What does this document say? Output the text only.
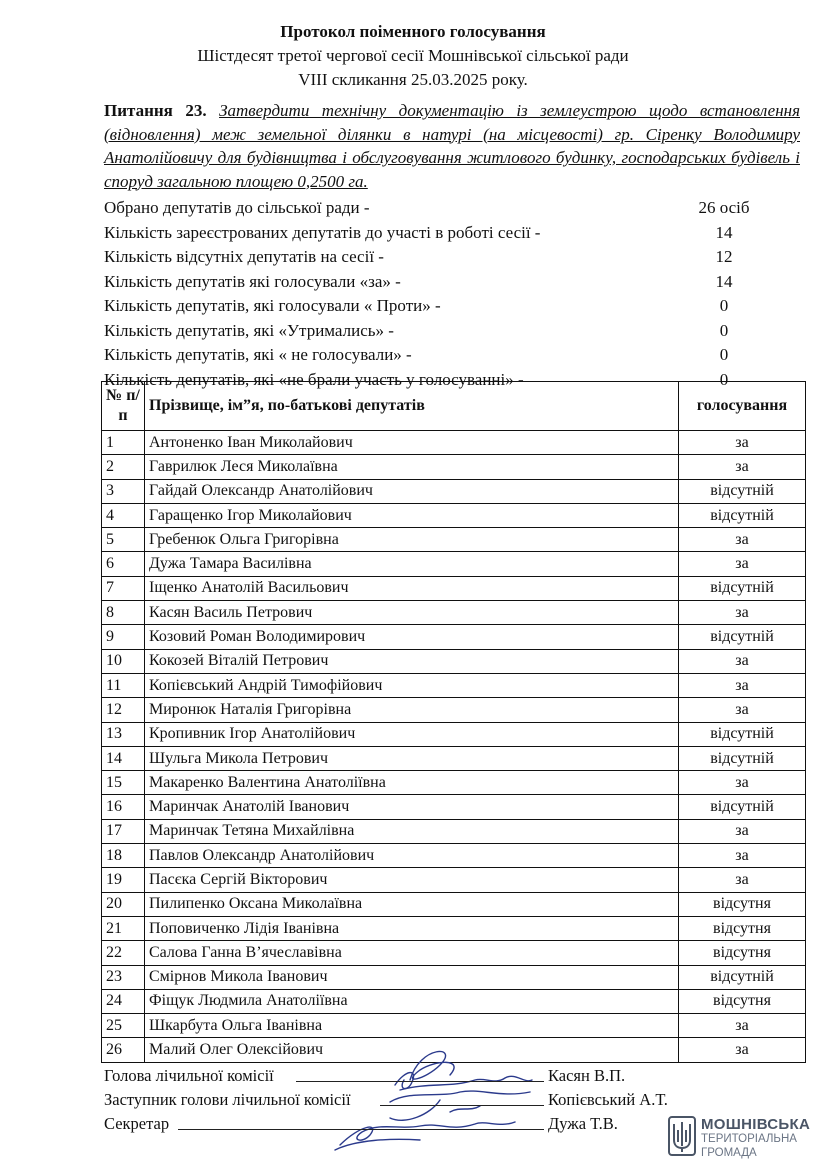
Протокол поіменного голосування
Шістдесят третої чергової сесії Мошнівської сільської ради
VIII скликання 25.03.2025 року.
Питання 23. Затвердити технічну документацію із землеустрою щодо встановлення (відновлення) меж земельної ділянки в натурі (на місцевості) гр. Сіренку Володимиру Анатолійовичу для будівництва і обслуговування житлового будинку, господарських будівель і споруд загальною площею 0,2500 га.
Обрано депутатів до сільської ради -	26 осіб
Кількість зареєстрованих депутатів до участі в роботі сесії -	14
Кількість відсутніх депутатів на сесії -	12
Кількість депутатів які голосували «за» -	14
Кількість депутатів, які голосували « Проти» -	0
Кількість депутатів, які «Утримались» -	0
Кількість депутатів, які « не голосували» -	0
Кількість депутатів, які «не брали участь у голосуванні» -	0
№ п/п	Прізвище, ім”я, по-батькові депутатів	голосування
1	Антоненко Іван Миколайович	за
2	Гаврилюк Леся Миколаївна	за
3	Гайдай Олександр Анатолійович	відсутній
4	Гаращенко Ігор Миколайович	відсутній
5	Гребенюк Ольга Григорівна	за
6	Дужа Тамара Василівна	за
7	Іщенко Анатолій Васильович	відсутній
8	Касян Василь Петрович	за
9	Козовий Роман Володимирович	відсутній
10	Кокозей Віталій Петрович	за
11	Копієвський Андрій Тимофійович	за
12	Миронюк Наталія Григорівна	за
13	Кропивник Ігор Анатолійович	відсутній
14	Шульга Микола Петрович	відсутній
15	Макаренко Валентина Анатоліївна	за
16	Маринчак Анатолій Іванович	відсутній
17	Маринчак Тетяна Михайлівна	за
18	Павлов Олександр Анатолійович	за
19	Пасєка Сергій Вікторович	за
20	Пилипенко Оксана Миколаївна	відсутня
21	Поповиченко Лідія Іванівна	відсутня
22	Салова Ганна В’ячеславівна	відсутня
23	Смірнов Микола Іванович	відсутній
24	Фіщук Людмила Анатоліївна	відсутня
25	Шкарбута Ольга Іванівна	за
26	Малий Олег Олексійович	за
Голова лічильної комісії	Касян В.П.
Заступник голови лічильної комісії	Копієвський А.Т.
Секретар	Дужа Т.В.	МОШНІВСЬКА
ТЕРИТОРІАЛЬНА
ГРОМАДА
